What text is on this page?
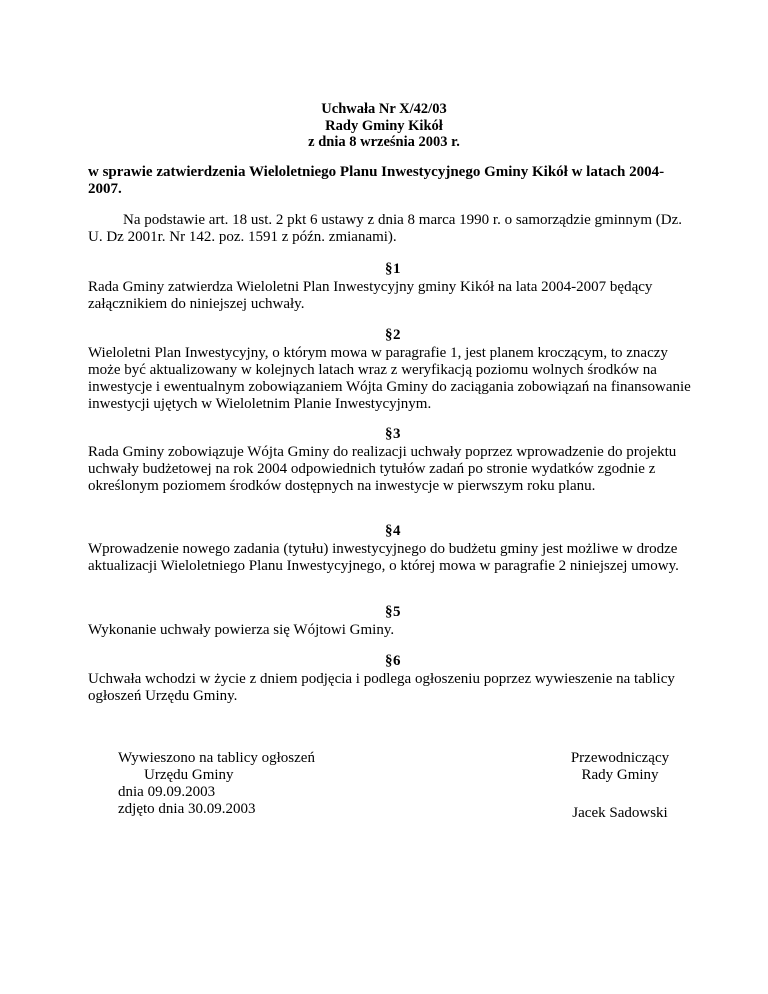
Uchwała Nr X/42/03
Rady Gminy Kikół
z dnia 8 września 2003 r.
w sprawie zatwierdzenia Wieloletniego Planu Inwestycyjnego Gminy Kikół w latach 2004-2007.
Na podstawie art. 18 ust. 2 pkt 6 ustawy z dnia 8 marca 1990 r. o samorządzie gminnym (Dz. U. Dz 2001r. Nr 142. poz. 1591 z późn. zmianami).
§1
Rada Gminy zatwierdza Wieloletni Plan Inwestycyjny gminy Kikół na lata 2004-2007 będący załącznikiem do niniejszej uchwały.
§2
Wieloletni Plan Inwestycyjny, o którym mowa w paragrafie 1, jest planem kroczącym, to znaczy może być aktualizowany w kolejnych latach wraz z weryfikacją poziomu wolnych środków na inwestycje i ewentualnym zobowiązaniem Wójta Gminy do zaciągania zobowiązań na finansowanie inwestycji ujętych w Wieloletnim Planie Inwestycyjnym.
§3
Rada Gminy zobowiązuje Wójta Gminy do realizacji uchwały poprzez wprowadzenie do projektu uchwały budżetowej na rok 2004 odpowiednich tytułów zadań po stronie wydatków zgodnie z określonym poziomem środków dostępnych na inwestycje w pierwszym roku planu.
§4
Wprowadzenie nowego zadania (tytułu) inwestycyjnego do budżetu gminy jest możliwe w drodze aktualizacji Wieloletniego Planu Inwestycyjnego, o której mowa w paragrafie 2 niniejszej umowy.
§5
Wykonanie uchwały powierza się Wójtowi Gminy.
§6
Uchwała wchodzi w życie z dniem podjęcia i podlega ogłoszeniu poprzez wywieszenie na tablicy ogłoszeń Urzędu Gminy.
Wywieszono na tablicy ogłoszeń
Urzędu Gminy
dnia 09.09.2003
zdjęto dnia 30.09.2003
Przewodniczący
Rady Gminy
Jacek Sadowski
